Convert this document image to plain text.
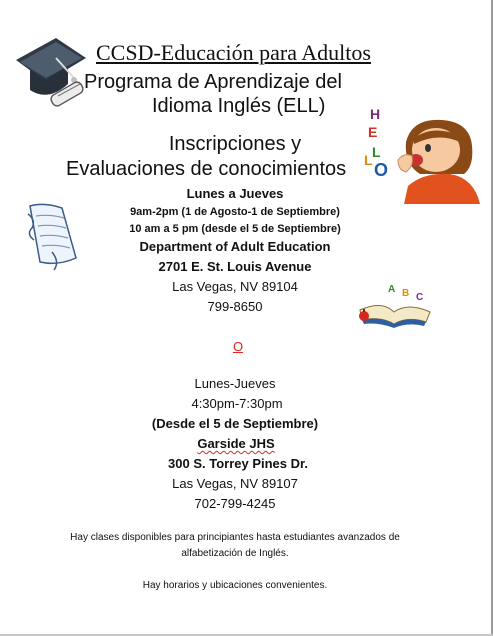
CCSD-Educación para Adultos
Programa de Aprendizaje del
Idioma Inglés (ELL)	H
E
L
L O
Inscripciones y
Evaluaciones de conocimientos
Lunes a Jueves
9am-2pm (1 de Agosto-1 de Septiembre)
10 am a 5 pm (desde el 5 de Septiembre)
Department of Adult Education
2701 E. St. Louis Avenue
Las Vegas, NV 89104
799-8650
A B C
O
Lunes-Jueves
4:30pm-7:30pm
(Desde el 5 de Septiembre)
Garside JHS
300 S. Torrey Pines Dr.
Las Vegas, NV 89107
702-799-4245
Hay clases disponibles para principiantes hasta estudiantes avanzados de
alfabetización de Inglés.
Hay horarios y ubicaciones convenientes.
